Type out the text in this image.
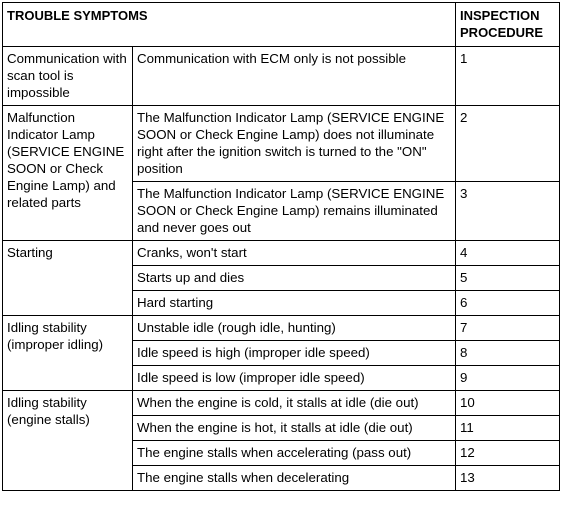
TROUBLE SYMPTOMS		INSPECTION PROCEDURE
Communication with scan tool is impossible	Communication with ECM only is not possible	1
Malfunction Indicator Lamp (SERVICE ENGINE SOON or Check Engine Lamp) and related parts	The Malfunction Indicator Lamp (SERVICE ENGINE SOON or Check Engine Lamp) does not illuminate right after the ignition switch is turned to the "ON" position	2
	The Malfunction Indicator Lamp (SERVICE ENGINE SOON or Check Engine Lamp) remains illuminated and never goes out	3
Starting	Cranks, won't start	4
	Starts up and dies	5
	Hard starting	6
Idling stability (improper idling)	Unstable idle (rough idle, hunting)	7
	Idle speed is high (improper idle speed)	8
	Idle speed is low (improper idle speed)	9
Idling stability (engine stalls)	When the engine is cold, it stalls at idle (die out)	10
	When the engine is hot, it stalls at idle (die out)	11
	The engine stalls when accelerating (pass out)	12
	The engine stalls when decelerating	13
